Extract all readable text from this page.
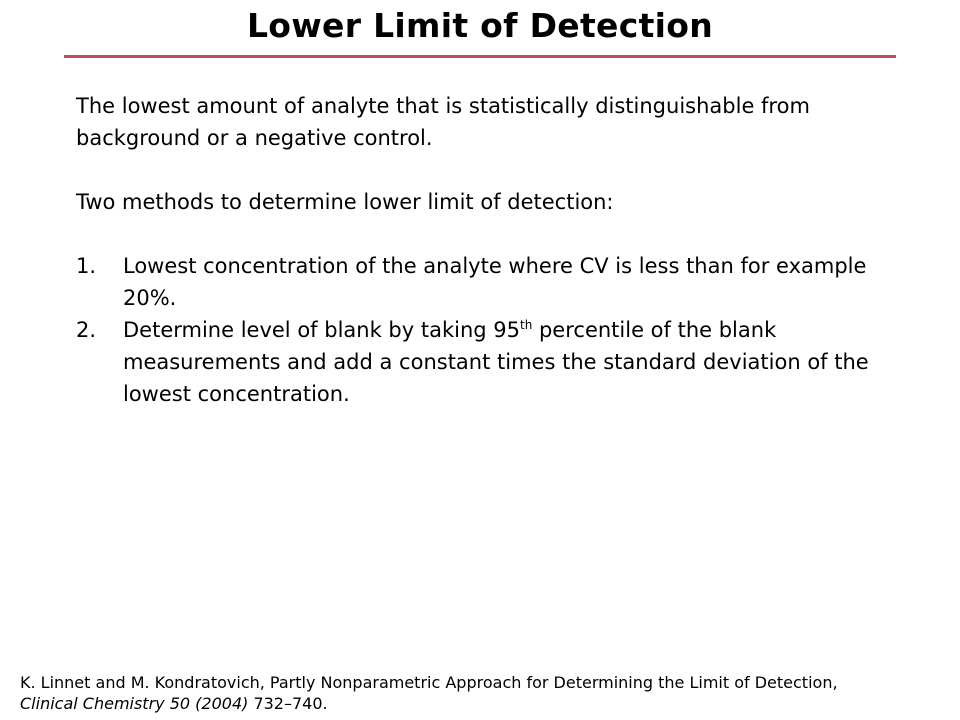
Lower Limit of Detection

The lowest amount of analyte that is statistically distinguishable from background or a negative control.

Two methods to determine lower limit of detection:

1. Lowest concentration of the analyte where CV is less than for example 20%.
2. Determine level of blank by taking 95th percentile of the blank measurements and add a constant times the standard deviation of the lowest concentration.
K. Linnet and M. Kondratovich, Partly Nonparametric Approach for Determining the Limit of Detection,
Clinical Chemistry 50 (2004) 732–740.
